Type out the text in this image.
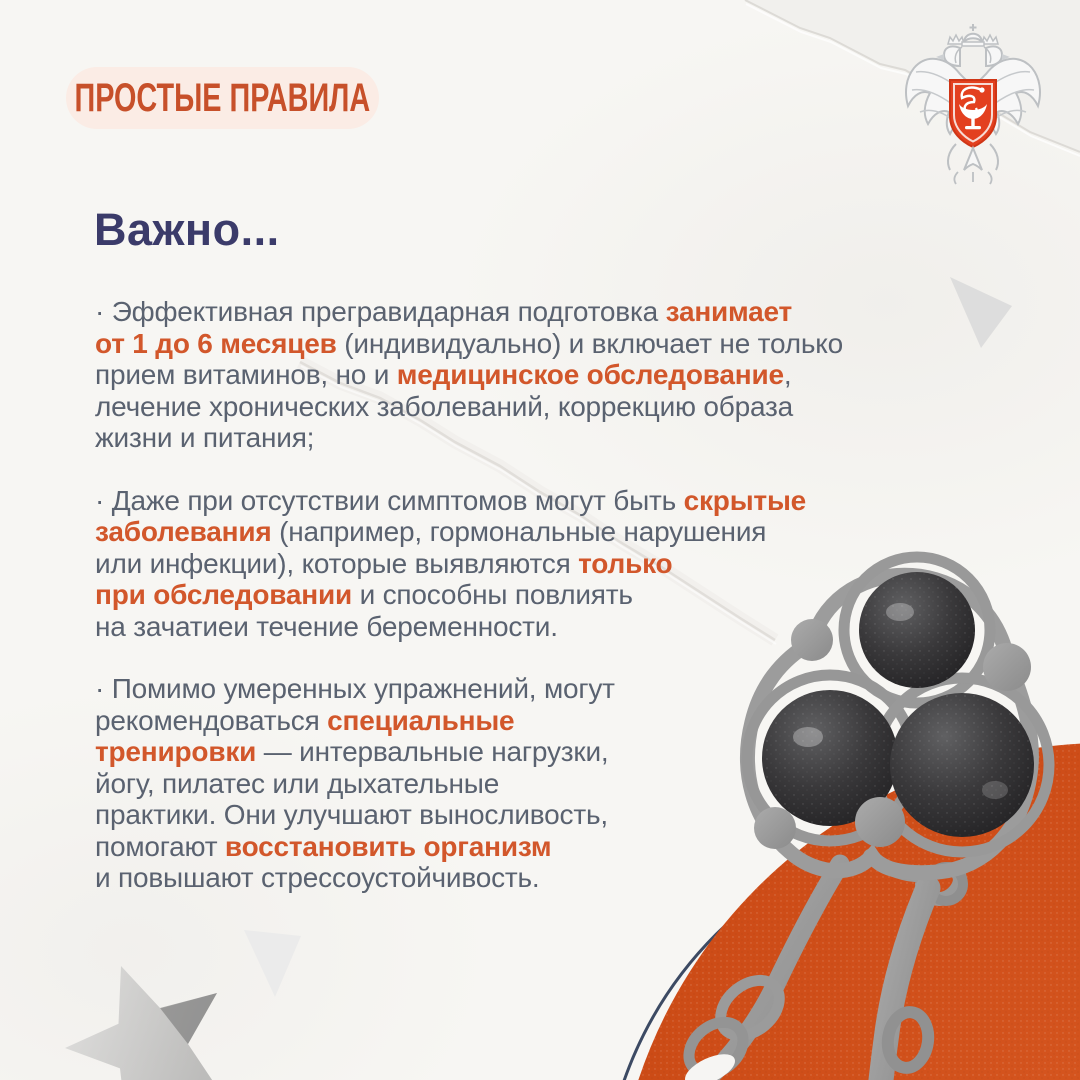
ПРОСТЫЕ ПРАВИЛА
Важно...
· Эффективная прегравидарная подготовка занимает
от 1 до 6 месяцев (индивидуально) и включает не только
прием витаминов, но и медицинское обследование,
лечение хронических заболеваний, коррекцию образа
жизни и питания;
· Даже при отсутствии симптомов могут быть скрытые
заболевания (например, гормональные нарушения
или инфекции), которые выявляются только
при обследовании и способны повлиять
на зачатиеи течение беременности.
· Помимо умеренных упражнений, могут
рекомендоваться специальные
тренировки — интервальные нагрузки,
йогу, пилатес или дыхательные
практики. Они улучшают выносливость,
помогают восстановить организм
и повышают стрессоустойчивость.
